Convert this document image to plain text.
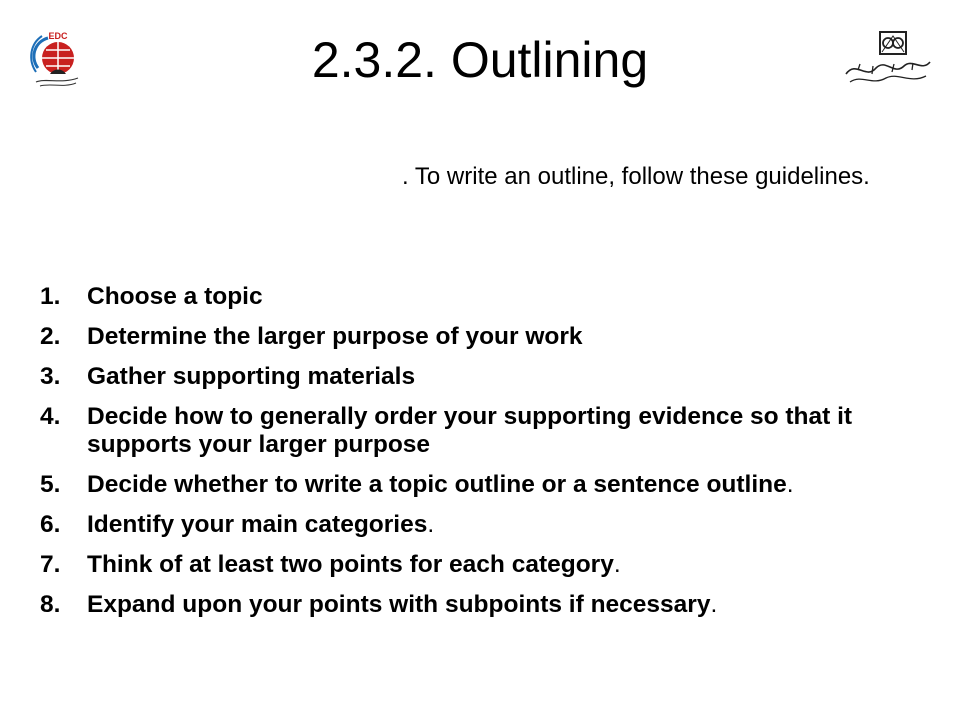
EDC	2.3.2. Outlining
. To write an outline, follow these guidelines.
1. Choose a topic
2. Determine the larger purpose of your work
3. Gather supporting materials
4. Decide how to generally order your supporting evidence so that it supports your larger purpose
5. Decide whether to write a topic outline or a sentence outline.
6. Identify your main categories.
7. Think of at least two points for each category.
8. Expand upon your points with subpoints if necessary.
